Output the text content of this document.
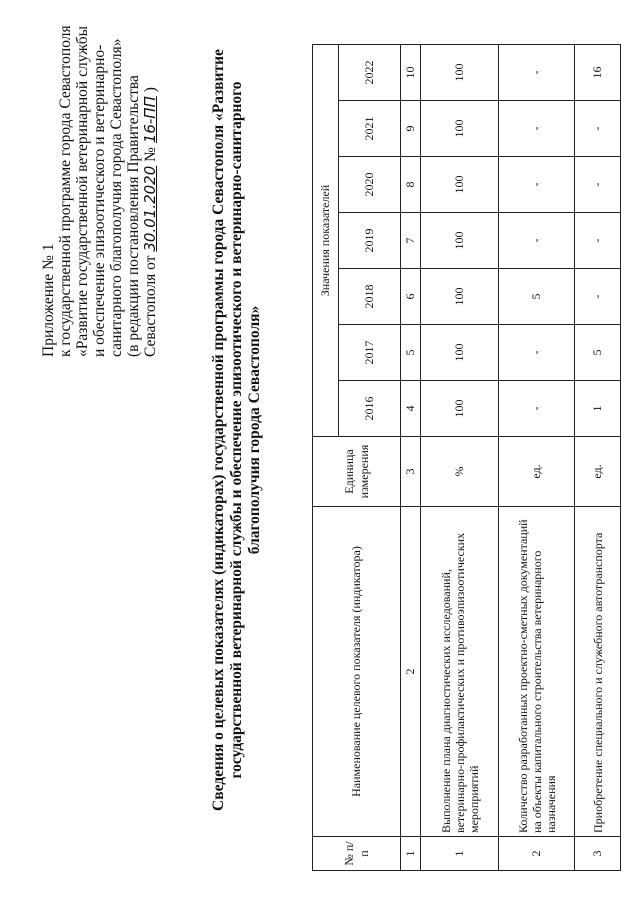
Приложение № 1 к государственной программе города Севастополя «Развитие государственной ветеринарной службы и обеспечение эпизоотического и ветеринарно- санитарного благополучия города Севастополя» (в редакции постановления Правительства Севастополя от 30.01.2020 № 16-ПП )	Сведения о целевых показателях (индикаторах) государственной программы города Севастополя «Развитие государственной ветеринарной службы и обеспечение эпизоотического и ветеринарно-санитарного благополучия города Севастополя»
№ п/п	Наименование целевого показателя (индикатора)	Единица измерения	Значения показателей						
			2016	2017	2018	2019	2020	2021	2022
1	2	3	4	5	6	7	8	9	10
1	Выполнение плана диагностических исследований, ветеринарно-профилактических и противоэпизоотических мероприятий	%	100	100	100	100	100	100	100
2	Количество разработанных проектно-сметных документаций на объекты капитального строительства ветеринарного назначения	ед.	-	-	5	-	-	-	-
3	Приобретение специального и служебного автотранспорта	ед.	1	5	-	-	-	-	16
